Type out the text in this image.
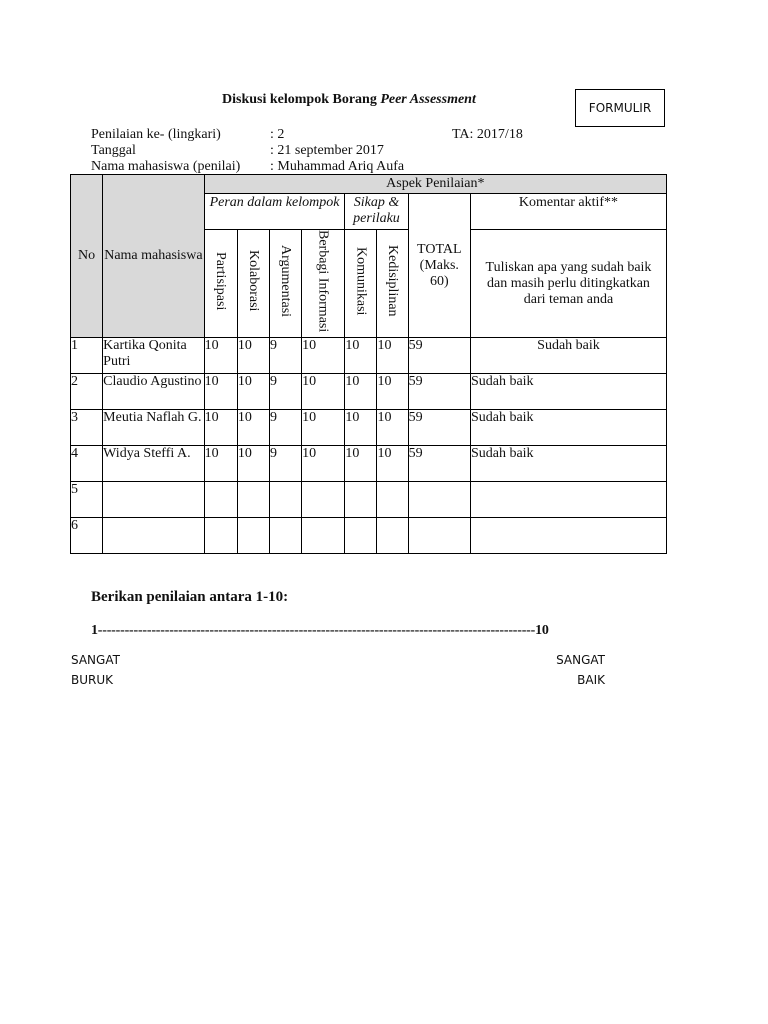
Diskusi kelompok Borang Peer Assessment
FORMULIR
Penilaian ke- (lingkari)	: 2	TA: 2017/18
Tanggal	: 21 september 2017
Nama mahasiswa (penilai) : Muhammad Ariq Aufa
No	Nama mahasiswa	Aspek Penilaian*							
		Peran dalam kelompok				Sikap & perilaku		TOTAL (Maks. 60)	Komentar aktif**
		Partisipasi	Kolaborasi	Argumentasi	Berbagi Informasi	Komunikasi	Kedisiplinan		Tuliskan apa yang sudah baik dan masih perlu ditingkatkan dari teman anda
1	Kartika Qonita Putri	10	10	9	10	10	10	59	Sudah baik
2	Claudio Agustino	10	10	9	10	10	10	59	Sudah baik
3	Meutia Naflah G.	10	10	9	10	10	10	59	Sudah baik
4	Widya Steffi A.	10	10	9	10	10	10	59	Sudah baik
5									
6									
Berikan penilaian antara 1-10:
1--------------------------------------------------------------------------------------------------10
SANGAT
BURUK
SANGAT
BAIK
